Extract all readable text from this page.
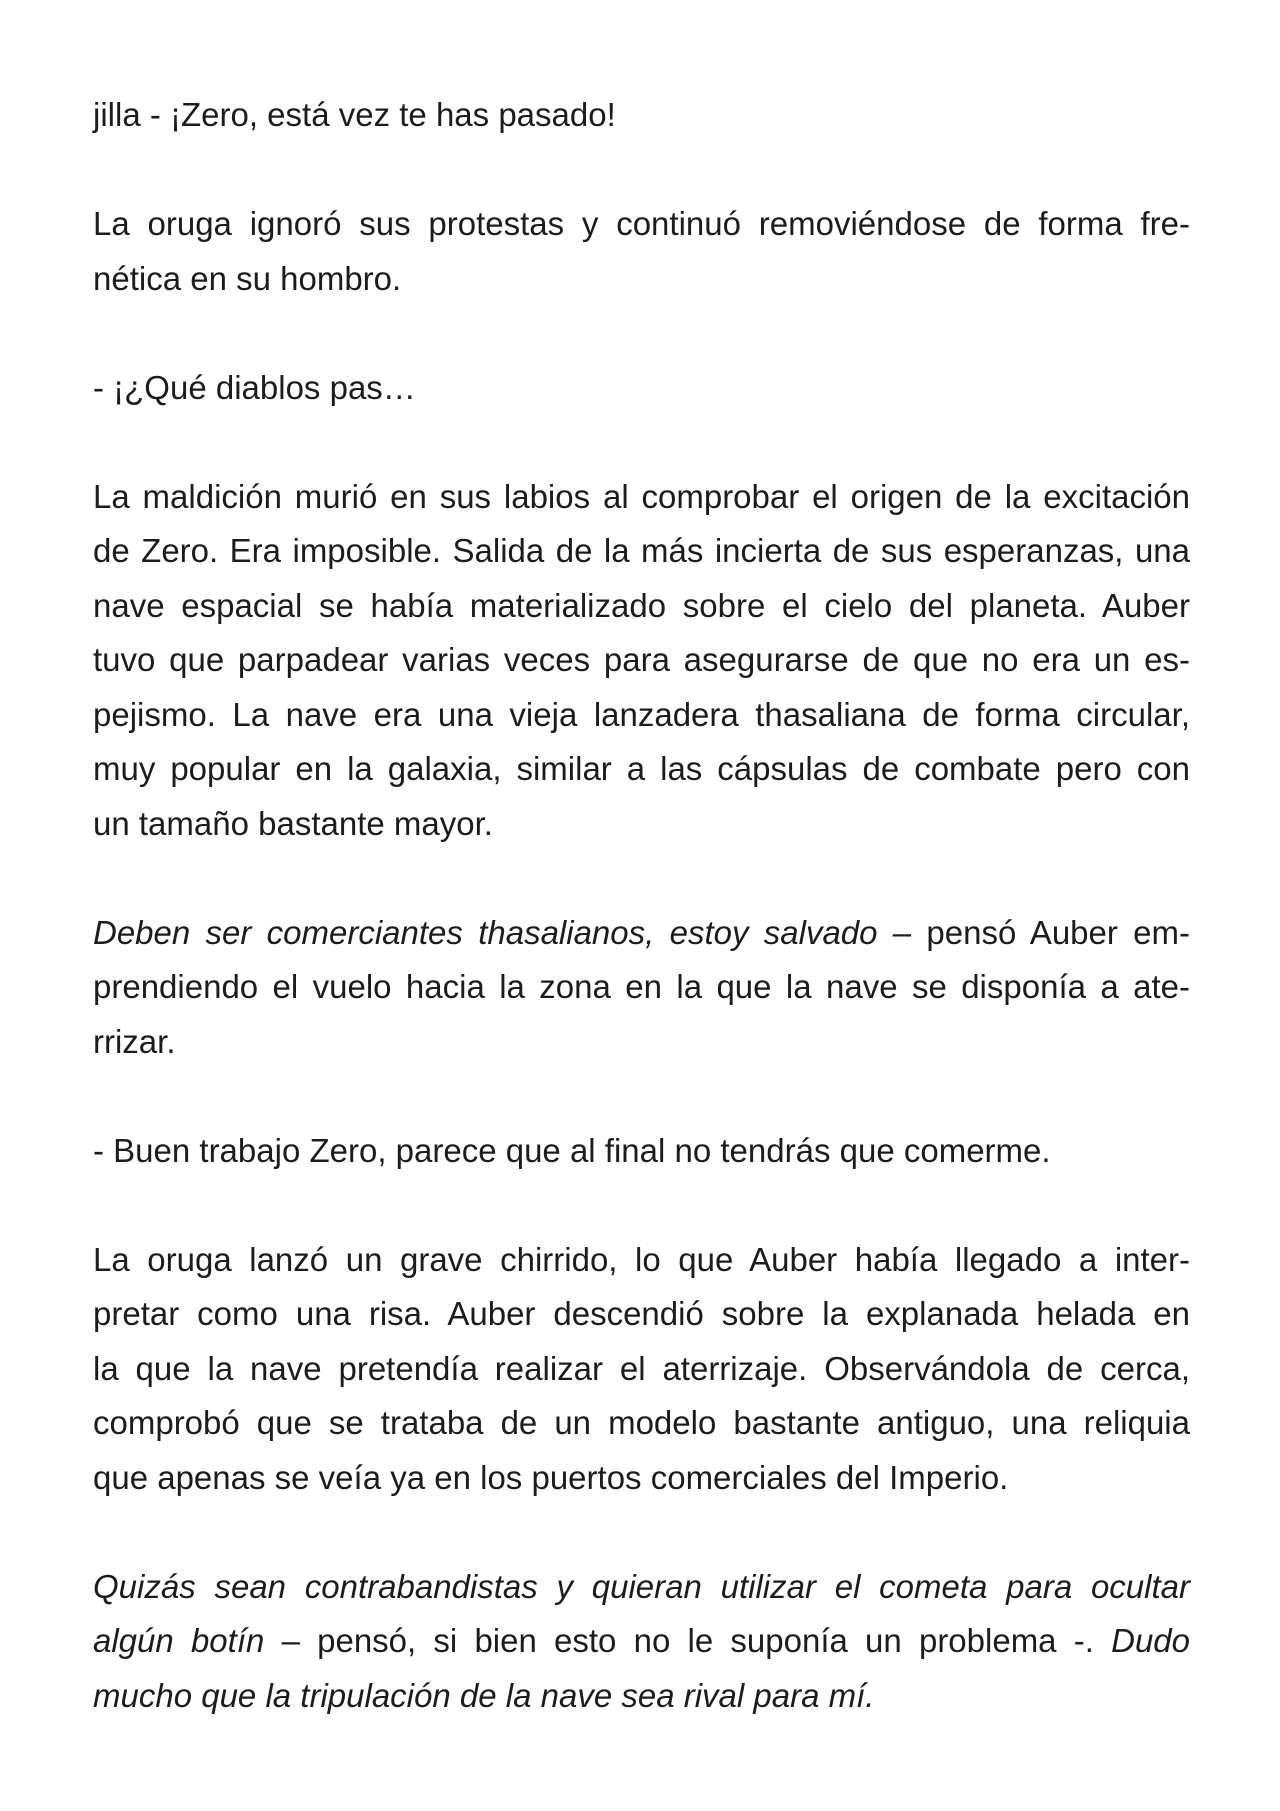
jilla - ¡Zero, está vez te has pasado!
La oruga ignoró sus protestas y continuó removiéndose de forma fre-
nética en su hombro.
- ¡¿Qué diablos pas…
La maldición murió en sus labios al comprobar el origen de la excitación
de Zero. Era imposible. Salida de la más incierta de sus esperanzas, una
nave espacial se había materializado sobre el cielo del planeta. Auber
tuvo que parpadear varias veces para asegurarse de que no era un es-
pejismo. La nave era una vieja lanzadera thasaliana de forma circular,
muy popular en la galaxia, similar a las cápsulas de combate pero con
un tamaño bastante mayor.
Deben ser comerciantes thasalianos, estoy salvado – pensó Auber em-
prendiendo el vuelo hacia la zona en la que la nave se disponía a ate-
rrizar.
- Buen trabajo Zero, parece que al final no tendrás que comerme.
La oruga lanzó un grave chirrido, lo que Auber había llegado a inter-
pretar como una risa. Auber descendió sobre la explanada helada en
la que la nave pretendía realizar el aterrizaje. Observándola de cerca,
comprobó que se trataba de un modelo bastante antiguo, una reliquia
que apenas se veía ya en los puertos comerciales del Imperio.
Quizás sean contrabandistas y quieran utilizar el cometa para ocultar
algún botín – pensó, si bien esto no le suponía un problema -. Dudo
mucho que la tripulación de la nave sea rival para mí.
